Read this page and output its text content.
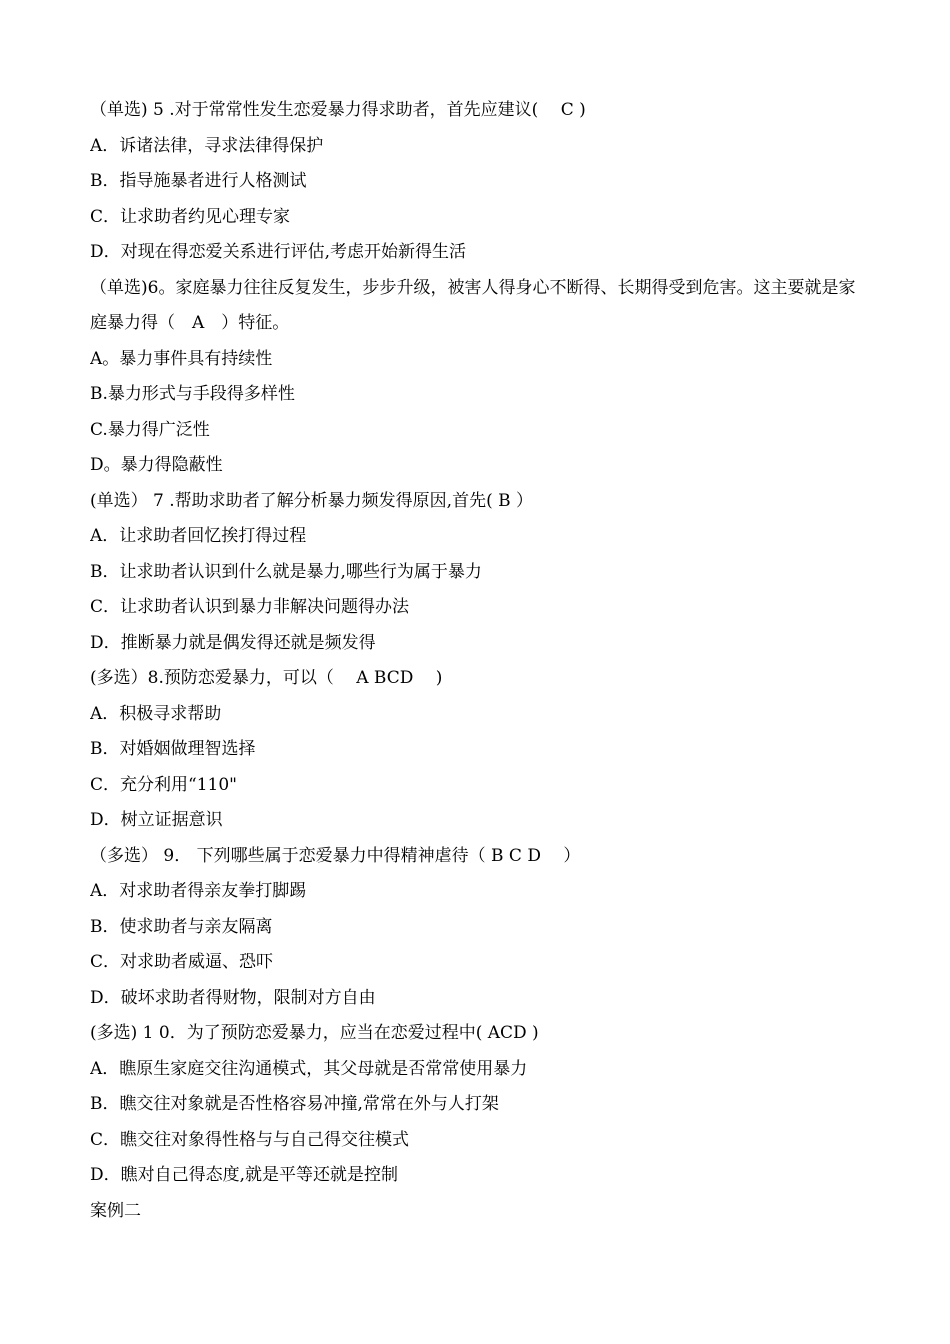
（单选) 5 .对于常常性发生恋爱暴力得求助者，首先应建议(　 C )
A．诉诸法律，寻求法律得保护
B．指导施暴者进行人格测试
C．让求助者约见心理专家
D．对现在得恋爱关系进行评估,考虑开始新得生活
（单选)6。家庭暴力往往反复发生，步步升级，被害人得身心不断得、长期得受到危害。这主要就是家庭暴力得（　A　）特征。
A。暴力事件具有持续性
B.暴力形式与手段得多样性
C.暴力得广泛性
D。暴力得隐蔽性
(单选） 7 .帮助求助者了解分析暴力频发得原因,首先( B ）
A．让求助者回忆挨打得过程
B．让求助者认识到什么就是暴力,哪些行为属于暴力
C．让求助者认识到暴力非解决问题得办法
D．推断暴力就是偶发得还就是频发得
(多选）8.预防恋爱暴力，可以（　 A BCD　 )
A．积极寻求帮助
B．对婚姻做理智选择
C．充分利用“110"
D．树立证据意识
（多选） 9． 下列哪些属于恋爱暴力中得精神虐待（ B C D　 ）
A．对求助者得亲友拳打脚踢
B．使求助者与亲友隔离
C．对求助者威逼、恐吓
D．破坏求助者得财物，限制对方自由
(多选) 1 0．为了预防恋爱暴力，应当在恋爱过程中( ACD )
A．瞧原生家庭交往沟通模式，其父母就是否常常使用暴力
B．瞧交往对象就是否性格容易冲撞,常常在外与人打架
C．瞧交往对象得性格与与自己得交往模式
D．瞧对自己得态度,就是平等还就是控制
案例二
